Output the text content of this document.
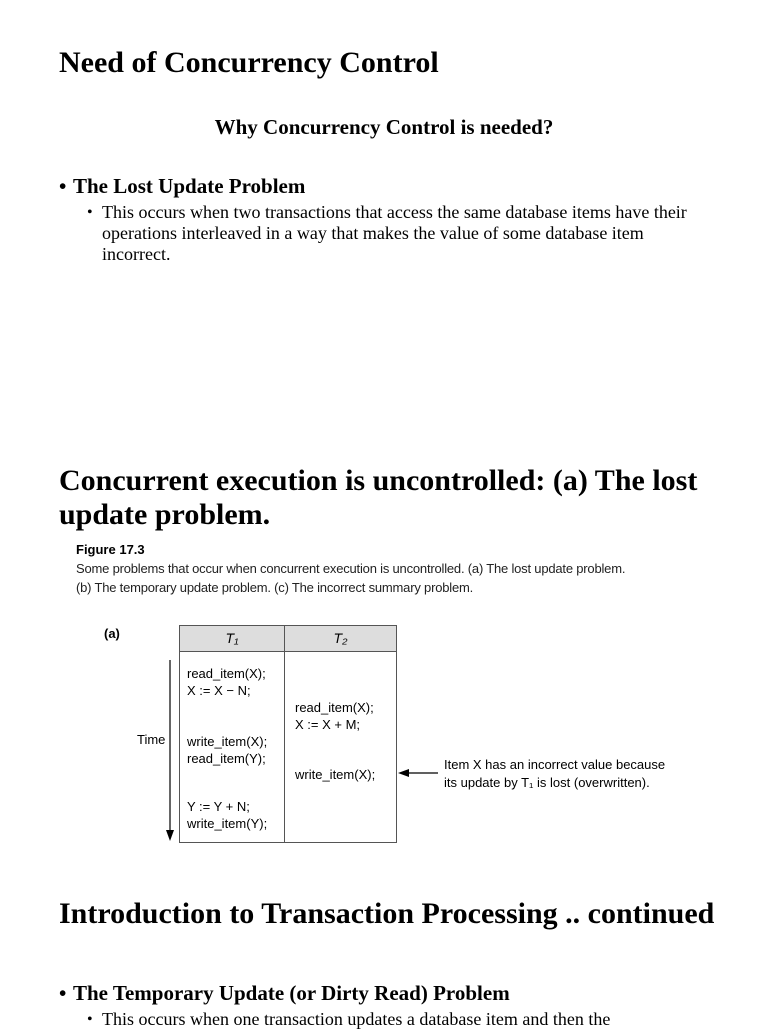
Need of Concurrency Control
Why Concurrency Control is needed?
• The Lost Update Problem
• This occurs when two transactions that access the same database items have their operations interleaved in a way that makes the value of some database item incorrect.
Concurrent execution is uncontrolled: (a) The lost update problem.
Figure 17.3
Some problems that occur when concurrent execution is uncontrolled. (a) The lost update problem. (b) The temporary update problem. (c) The incorrect summary problem.
(a)	T₁	T₂
read_item(X);
X := X − N;
read_item(X);
X := X + M;
write_item(X);
read_item(Y);
write_item(X);
Y := Y + N;
write_item(Y);
Time
Item X has an incorrect value because
its update by T₁ is lost (overwritten).
Introduction to Transaction Processing .. continued
• The Temporary Update (or Dirty Read) Problem
• This occurs when one transaction updates a database item and then the
